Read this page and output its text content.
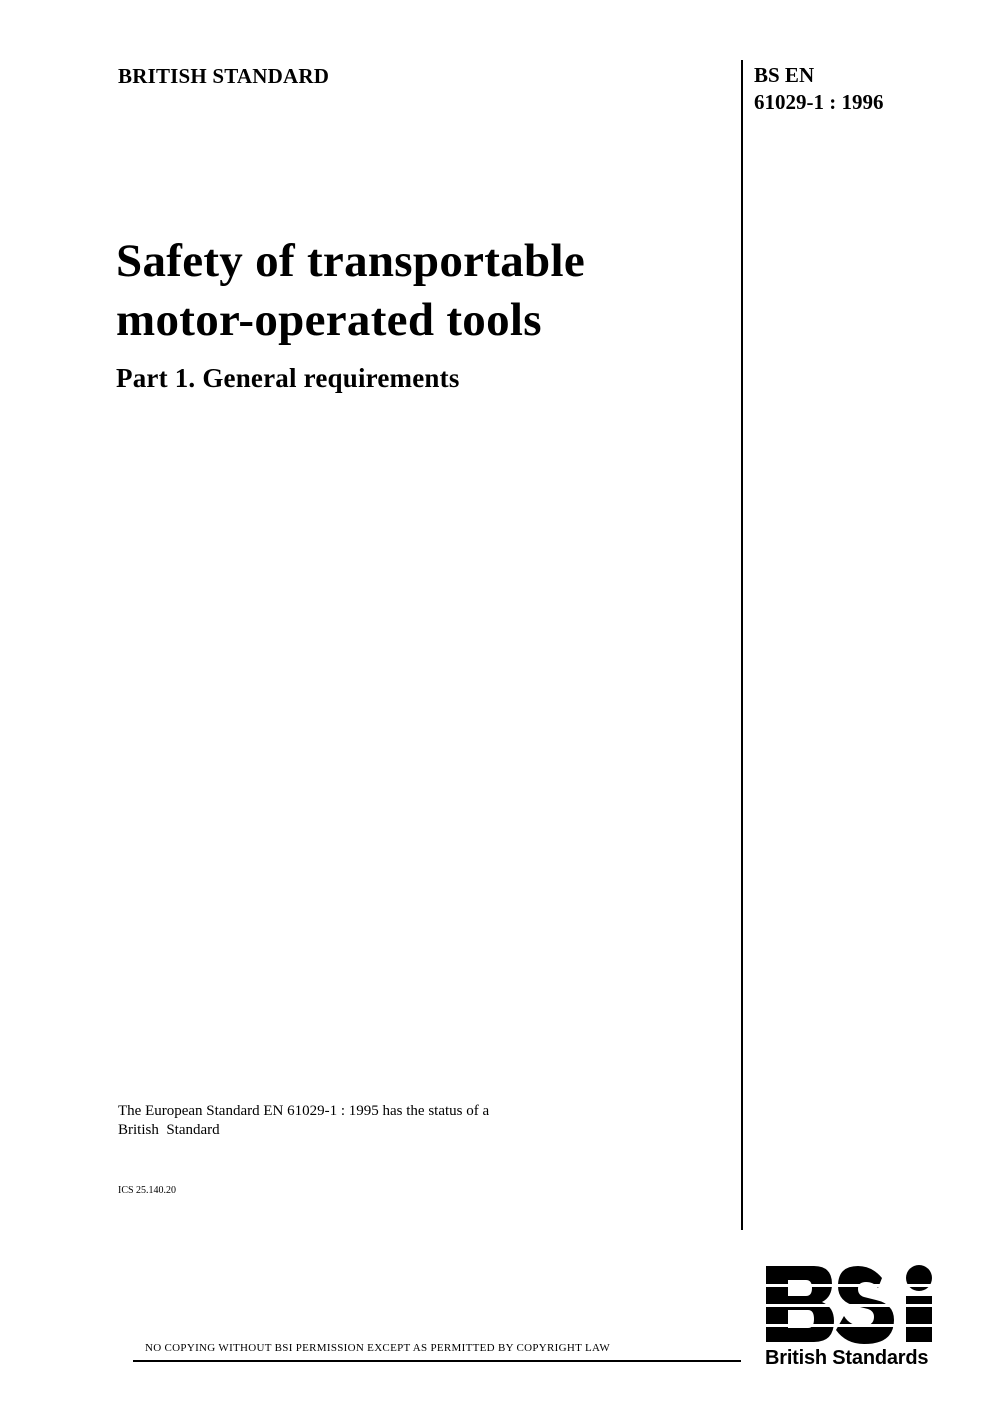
BRITISH STANDARD	BS EN
61029-1 : 1996
Safety of transportable
motor-operated tools
Part 1. General requirements
The European Standard EN 61029-1 : 1995 has the status of a
British  Standard
ICS 25.140.20
NO COPYING WITHOUT BSI PERMISSION EXCEPT AS PERMITTED BY COPYRIGHT LAW	British Standards
